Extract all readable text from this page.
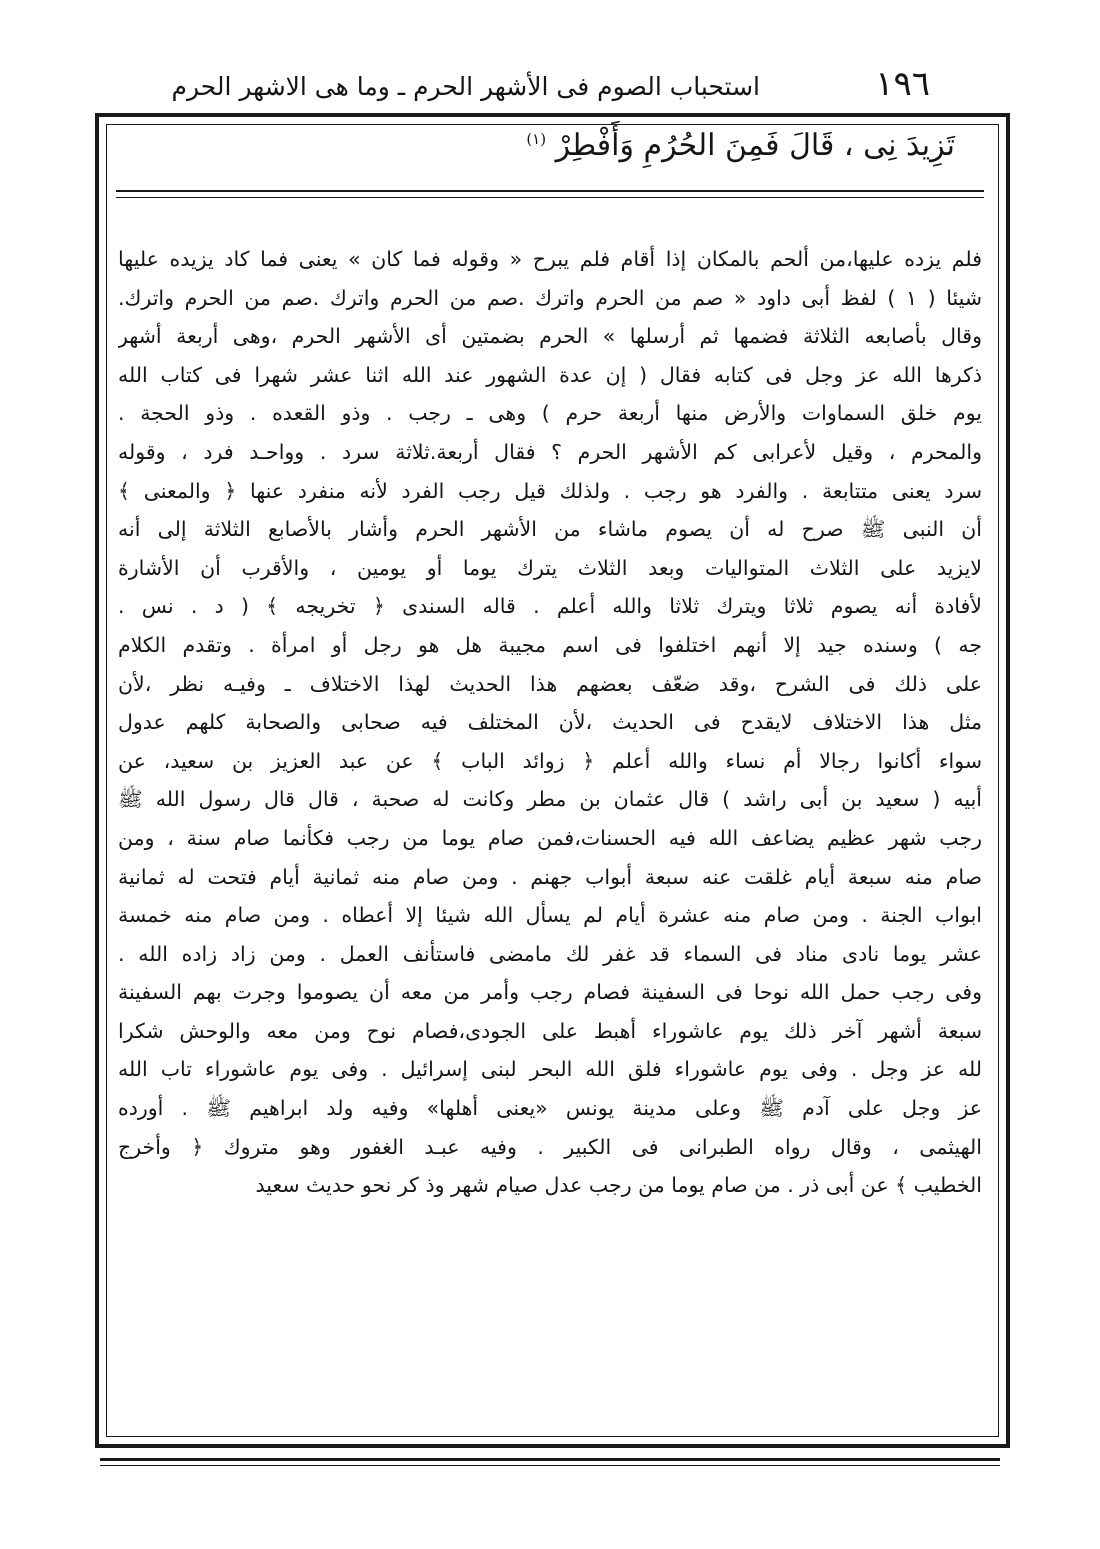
١٩٦
استحباب الصوم فى الأشهر الحرم ـ وما هى الاشهر الحرم
تَزِيدَ نِى ، قَالَ فَمِنَ الحُرُمِ وَأَفْطِرْ $^{(١)}$
فلم يزده عليها،من ألحم بالمكان إذا أقام فلم يبرح « وقوله فما كان » يعنى فما كاد يزيده عليها
شيئا ( ١ ) لفظ أبى داود « صم من الحرم واترك .صم من الحرم واترك .صم من الحرم واترك.
وقال بأصابعه الثلاثة فضمها ثم أرسلها » الحرم بضمتين أى الأشهر الحرم ،وهى أربعة أشهر
ذكرها الله عز وجل فى كتابه فقال ( إن عدة الشهور عند الله اثنا عشر شهرا فى كتاب الله
يوم خلق السماوات والأرض منها أربعة حرم ) وهى ـ رجب . وذو القعده . وذو الحجة .
والمحرم ، وقيل لأعرابى كم الأشهر الحرم ؟ فقال أربعة.ثلاثة سرد . وواحـد فرد ، وقوله
سرد يعنى متتابعة . والفرد هو رجب . ولذلك قيل رجب الفرد لأنه منفرد عنها ﴿ والمعنى ﴾
أن النبى ﷺ صرح له أن يصوم ماشاء من الأشهر الحرم وأشار بالأصابع الثلاثة إلى أنه
لايزيد على الثلاث المتواليات وبعد الثلاث يترك يوما أو يومين ، والأقرب أن الأشارة
لأفادة أنه يصوم ثلاثا ويترك ثلاثا والله أعلم . قاله السندى ﴿ تخريجه ﴾ ( د . نس .
جه ) وسنده جيد إلا أنهم اختلفوا فى اسم مجيبة هل هو رجل أو امرأة . وتقدم الكلام
على ذلك فى الشرح ،وقد ضعّف بعضهم هذا الحديث لهذا الاختلاف ـ وفيـه نظر ،لأن
مثل هذا الاختلاف لايقدح فى الحديث ،لأن المختلف فيه صحابى والصحابة كلهم عدول
سواء أكانوا رجالا أم نساء والله أعلم ﴿ زوائد الباب ﴾ عن عبد العزيز بن سعيد، عن
أبيه ( سعيد بن أبى راشد ) قال عثمان بن مطر وكانت له صحبة ، قال قال رسول الله ﷺ
رجب شهر عظيم يضاعف الله فيه الحسنات،فمن صام يوما من رجب فكأنما صام سنة ، ومن
صام منه سبعة أيام غلقت عنه سبعة أبواب جهنم . ومن صام منه ثمانية أيام فتحت له ثمانية
ابواب الجنة . ومن صام منه عشرة أيام لم يسأل الله شيئا إلا أعطاه . ومن صام منه خمسة
عشر يوما نادى مناد فى السماء قد غفر لك مامضى فاستأنف العمل . ومن زاد زاده الله .
وفى رجب حمل الله نوحا فى السفينة فصام رجب وأمر من معه أن يصوموا وجرت بهم السفينة
سبعة أشهر آخر ذلك يوم عاشوراء أهبط على الجودى،فصام نوح ومن معه والوحش شكرا
لله عز وجل . وفى يوم عاشوراء فلق الله البحر لبنى إسرائيل . وفى يوم عاشوراء تاب الله
عز وجل على آدم ﷺ وعلى مدينة يونس «يعنى أهلها» وفيه ولد ابراهيم ﷺ . أورده
الهيثمى ، وقال رواه الطبرانى فى الكبير . وفيه عبـد الغفور وهو متروك ﴿ وأخرج
الخطيب ﴾ عن أبى ذر . من صام يوما من رجب عدل صيام شهر وذ كر نحو حديث سعيد
